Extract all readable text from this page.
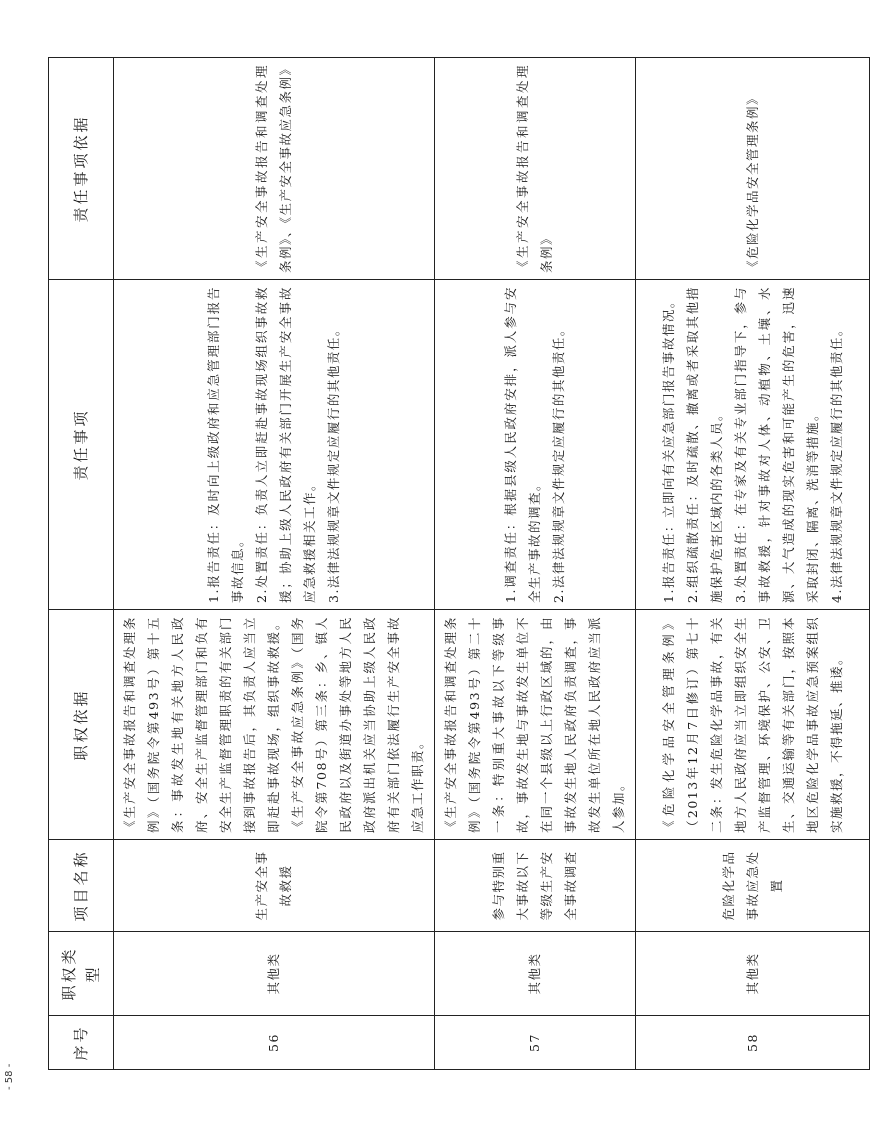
序号	职权类型	项目名称	职权依据	责任事项	责任事项依据
56	其他类	生产安全事故救援	《生产安全事故报告和调查处理条例》（国务院令第493号）第十五条：事故发生地有关地方人民政府、安全生产监督管理部门和负有安全生产监督管理职责的有关部门接到事故报告后，其负责人应当立即赶赴事故现场，组织事故救援。《生产安全事故应急条例》（国务院令第708号）第三条：乡、镇人民政府以及街道办事处等地方人民政府派出机关应当协助上级人民政府有关部门依法履行生产安全事故应急工作职责。	1.报告责任：及时向上级政府和应急管理部门报告事故信息。 2.处置责任：负责人立即赶赴事故现场组织事故救援；协助上级人民政府有关部门开展生产安全事故应急救援相关工作。 3.法律法规规章文件规定应履行的其他责任。	《生产安全事故报告和调查处理条例》、《生产安全事故应急条例》
57	其他类	参与特别重大事故以下等级生产安全事故调查	《生产安全事故报告和调查处理条例》（国务院令第493号）第二十一条：特别重大事故以下等级事故，事故发生地与事故发生单位不在同一个县级以上行政区域的，由事故发生地人民政府负责调查，事故发生单位所在地人民政府应当派人参加。	1.调查责任：根据县级人民政府安排，派人参与安全生产事故的调查。 2.法律法规规章文件规定应履行的其他责任。	《生产安全事故报告和调查处理条例》
58	其他类	危险化学品事故应急处置	《危险化学品安全管理条例》（2013年12月7日修订）第七十二条：发生危险化学品事故，有关地方人民政府应当立即组织安全生产监督管理、环境保护、公安、卫生、交通运输等有关部门，按照本地区危险化学品事故应急预案组织实施救援，不得拖延、推诿。	1.报告责任：立即向有关应急部门报告事故情况。 2.组织疏散责任：及时疏散、撤离或者采取其他措施保护危害区域内的各类人员。 3.处置责任：在专家及有关专业部门指导下，参与事故救援，针对事故对人体、动植物、土壤、水源、大气造成的现实危害和可能产生的危害，迅速采取封闭、隔离、洗消等措施。 4.法律法规规章文件规定应履行的其他责任。	《危险化学品安全管理条例》
- 58 -
